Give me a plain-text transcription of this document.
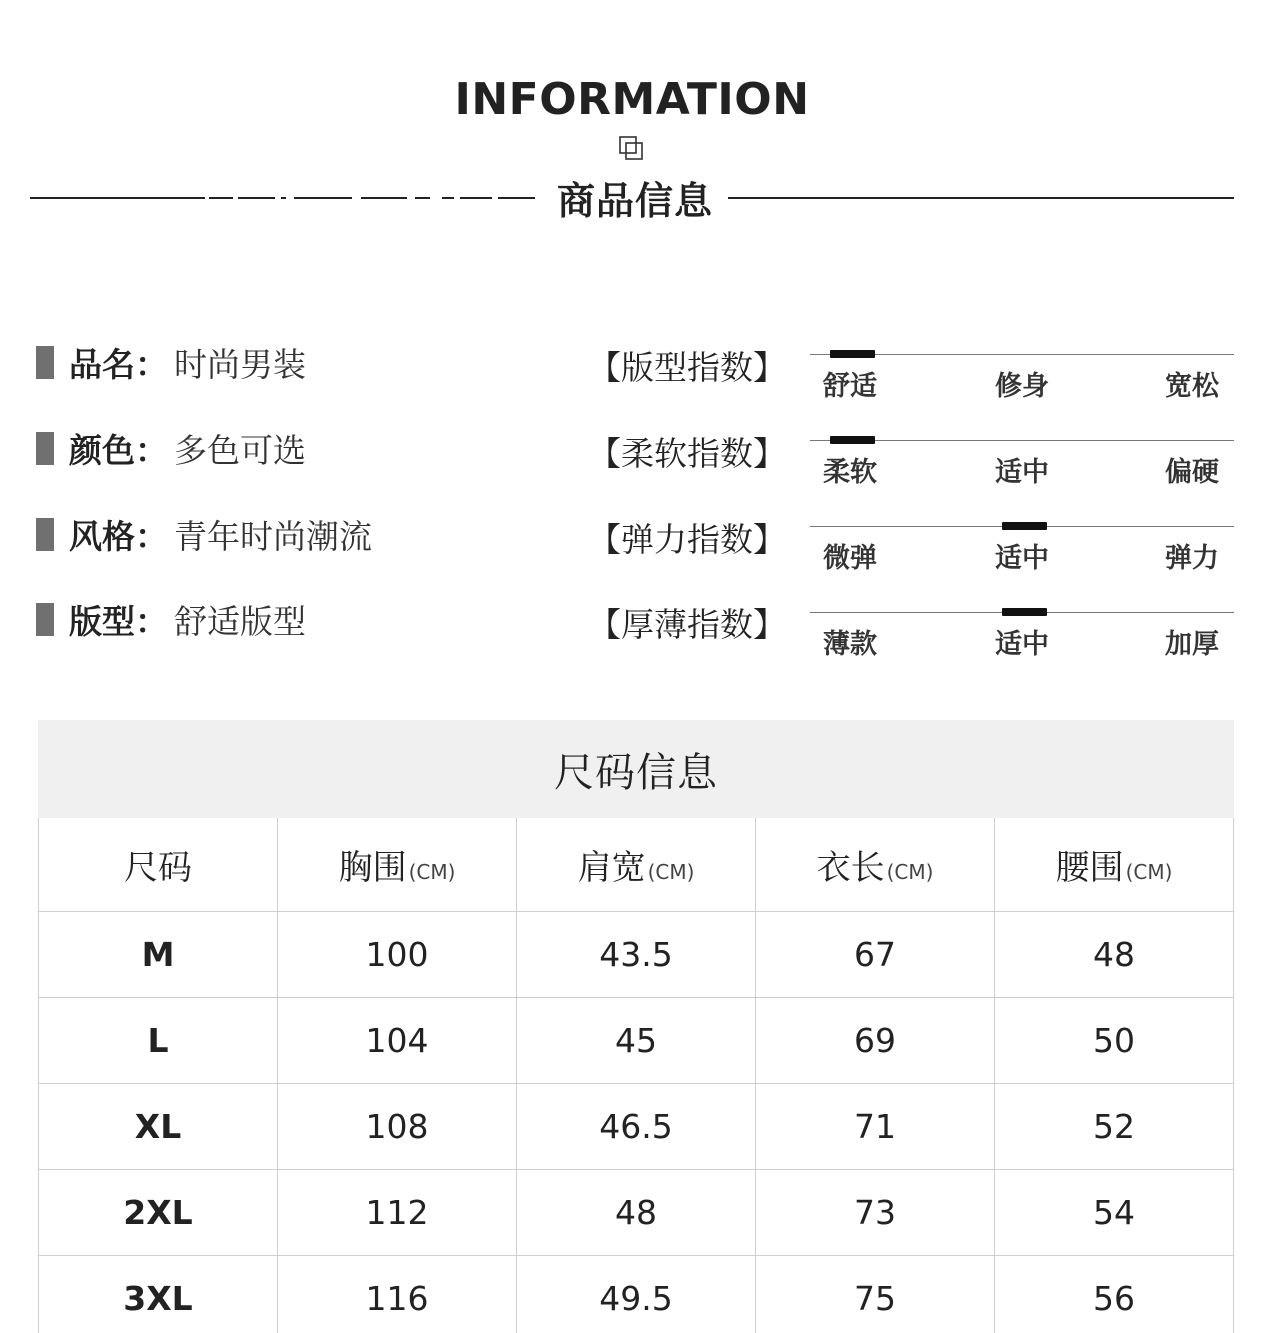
INFORMATION
商品信息
品名 ： 时尚男装
颜色 ： 多色可选
风格 ： 青年时尚潮流
版型 ： 舒适版型
【版型指数】
【柔软指数】
【弹力指数】
【厚薄指数】
舒适	修身	宽松
柔软	适中	偏硬
微弹	适中	弹力
薄款	适中	加厚
尺码信息
尺码	胸围 (CM)	肩宽 (CM)	衣长 (CM)	腰围 (CM)
M	100	43.5	67	48
L	104	45	69	50
XL	108	46.5	71	52
2XL	112	48	73	54
3XL	116	49.5	75	56
